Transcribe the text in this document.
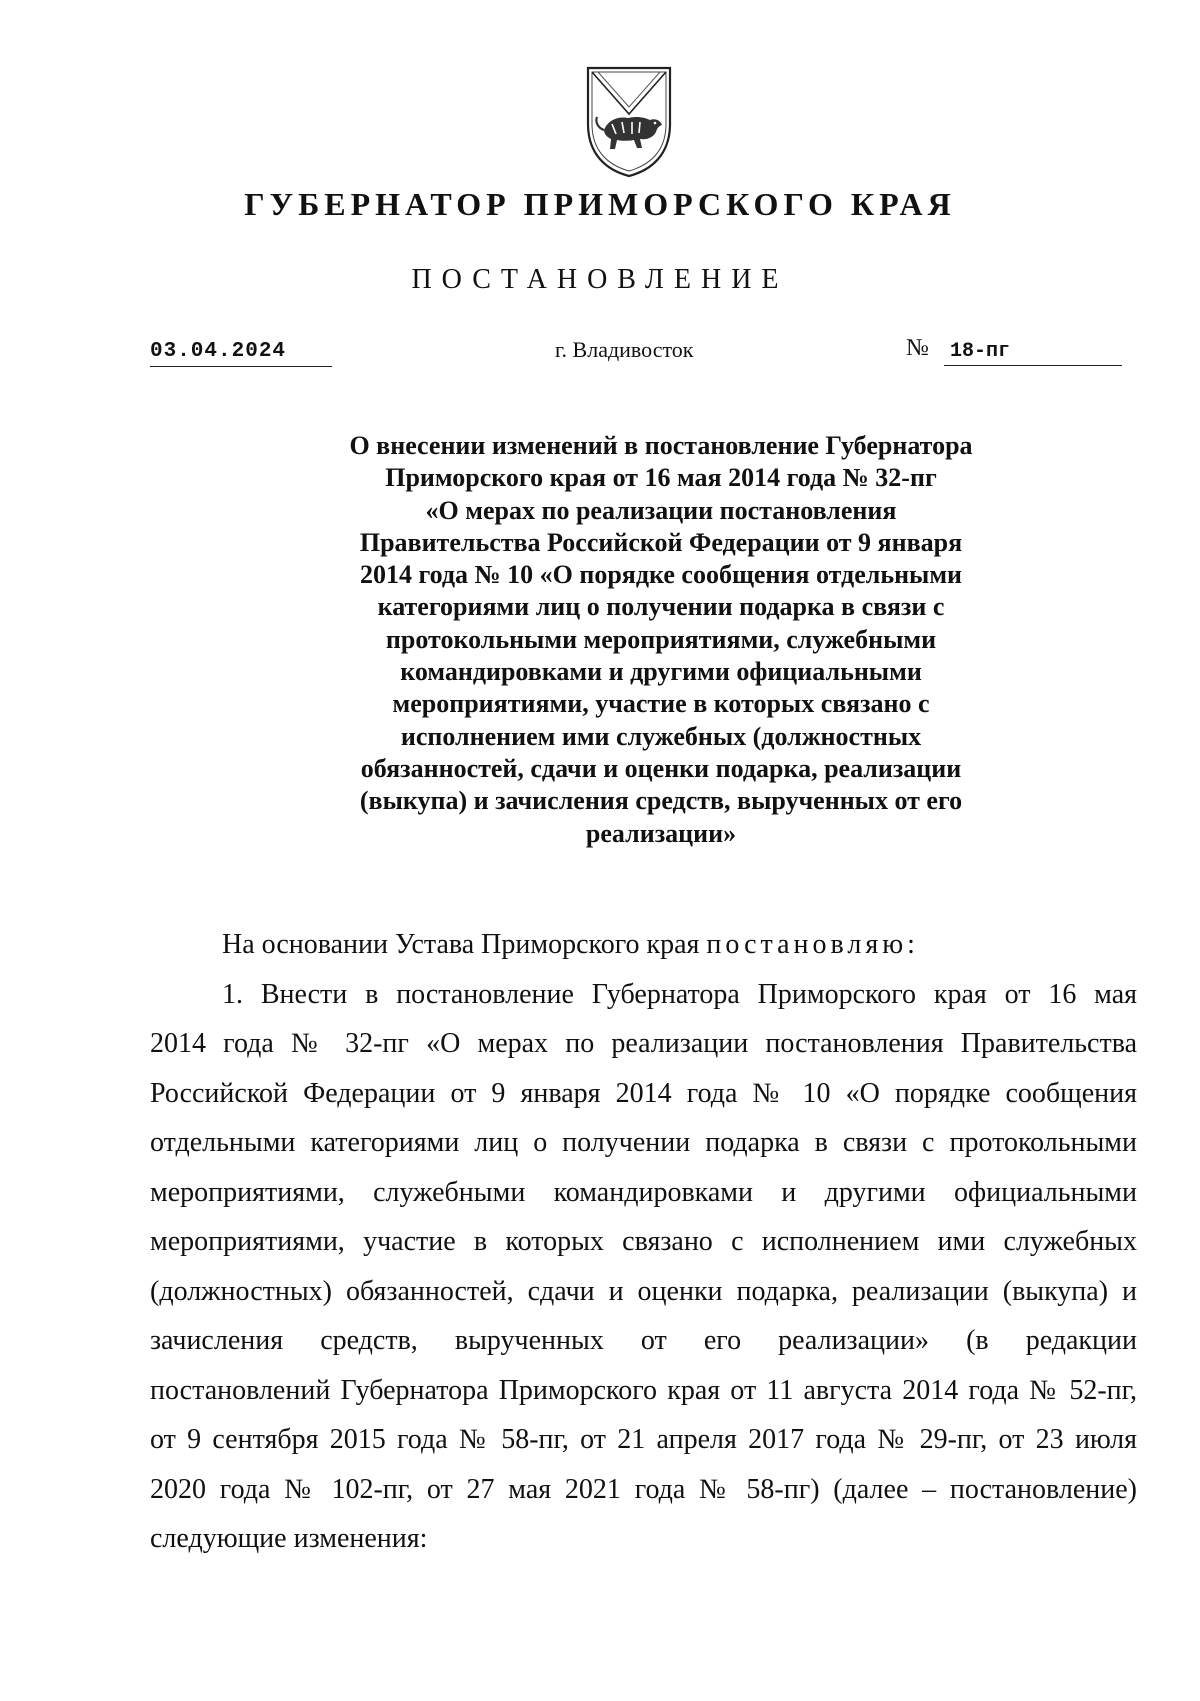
ГУБЕРНАТОР ПРИМОРСКОГО КРАЯ
ПОСТАНОВЛЕНИЕ
03.04.2024	г. Владивосток	№	18-пг
О внесении изменений в постановление Губернатора
Приморского края от 16 мая 2014 года № 32-пг
«О мерах по реализации постановления
Правительства Российской Федерации от 9 января
2014 года № 10 «О порядке сообщения отдельными
категориями лиц о получении подарка в связи с
протокольными мероприятиями, служебными
командировками и другими официальными
мероприятиями, участие в которых связано с
исполнением ими служебных (должностных
обязанностей, сдачи и оценки подарка, реализации
(выкупа) и зачисления средств, вырученных от его
реализации»
На основании Устава Приморского края постановляю:
1. Внести в постановление Губернатора Приморского края от 16 мая
2014 года № 32-пг «О мерах по реализации постановления Правительства
Российской Федерации от 9 января 2014 года № 10 «О порядке сообщения
отдельными категориями лиц о получении подарка в связи с протокольными
мероприятиями, служебными командировками и другими официальными
мероприятиями, участие в которых связано с исполнением ими служебных
(должностных) обязанностей, сдачи и оценки подарка, реализации (выкупа) и
зачисления средств, вырученных от его реализации» (в редакции
постановлений Губернатора Приморского края от 11 августа 2014 года № 52-пг,
от 9 сентября 2015 года № 58-пг, от 21 апреля 2017 года № 29-пг, от 23 июля
2020 года № 102-пг, от 27 мая 2021 года № 58-пг) (далее – постановление)
следующие изменения:
